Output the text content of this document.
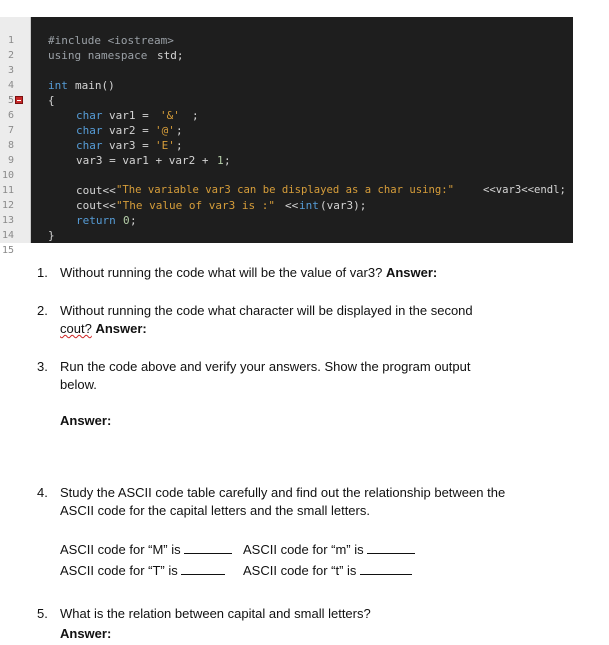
1

2

#include <iostream>

3

using namespace

std;

4

5

int

main()

6

{

7

char

var1 =

'&'

;

8

char

var2 =

'@'

;

9

char

var3 =

'E'

;

10

var3 = var1 + var2 +

1

;

11

12

cout<<

"The variable var3 can be displayed as a char using:"

	<<var3<<endl;

13

cout<<

"The value of var3 is :"

<<

int

(var3);

14

return

0

;

15

}

1. Without running the code what will be the value of var3? Answer:
2. Without running the code what character will be displayed in the second
cout? Answer:
3. Run the code above and verify your answers. Show the program output
below.
Answer:
4. Study the ASCII code table carefully and find out the relationship between the
ASCII code for the capital letters and the small letters.
ASCII code for “M” is	ASCII code for “m” is
ASCII code for “T” is	ASCII code for “t” is
5. What is the relation between capital and small letters?
Answer:
